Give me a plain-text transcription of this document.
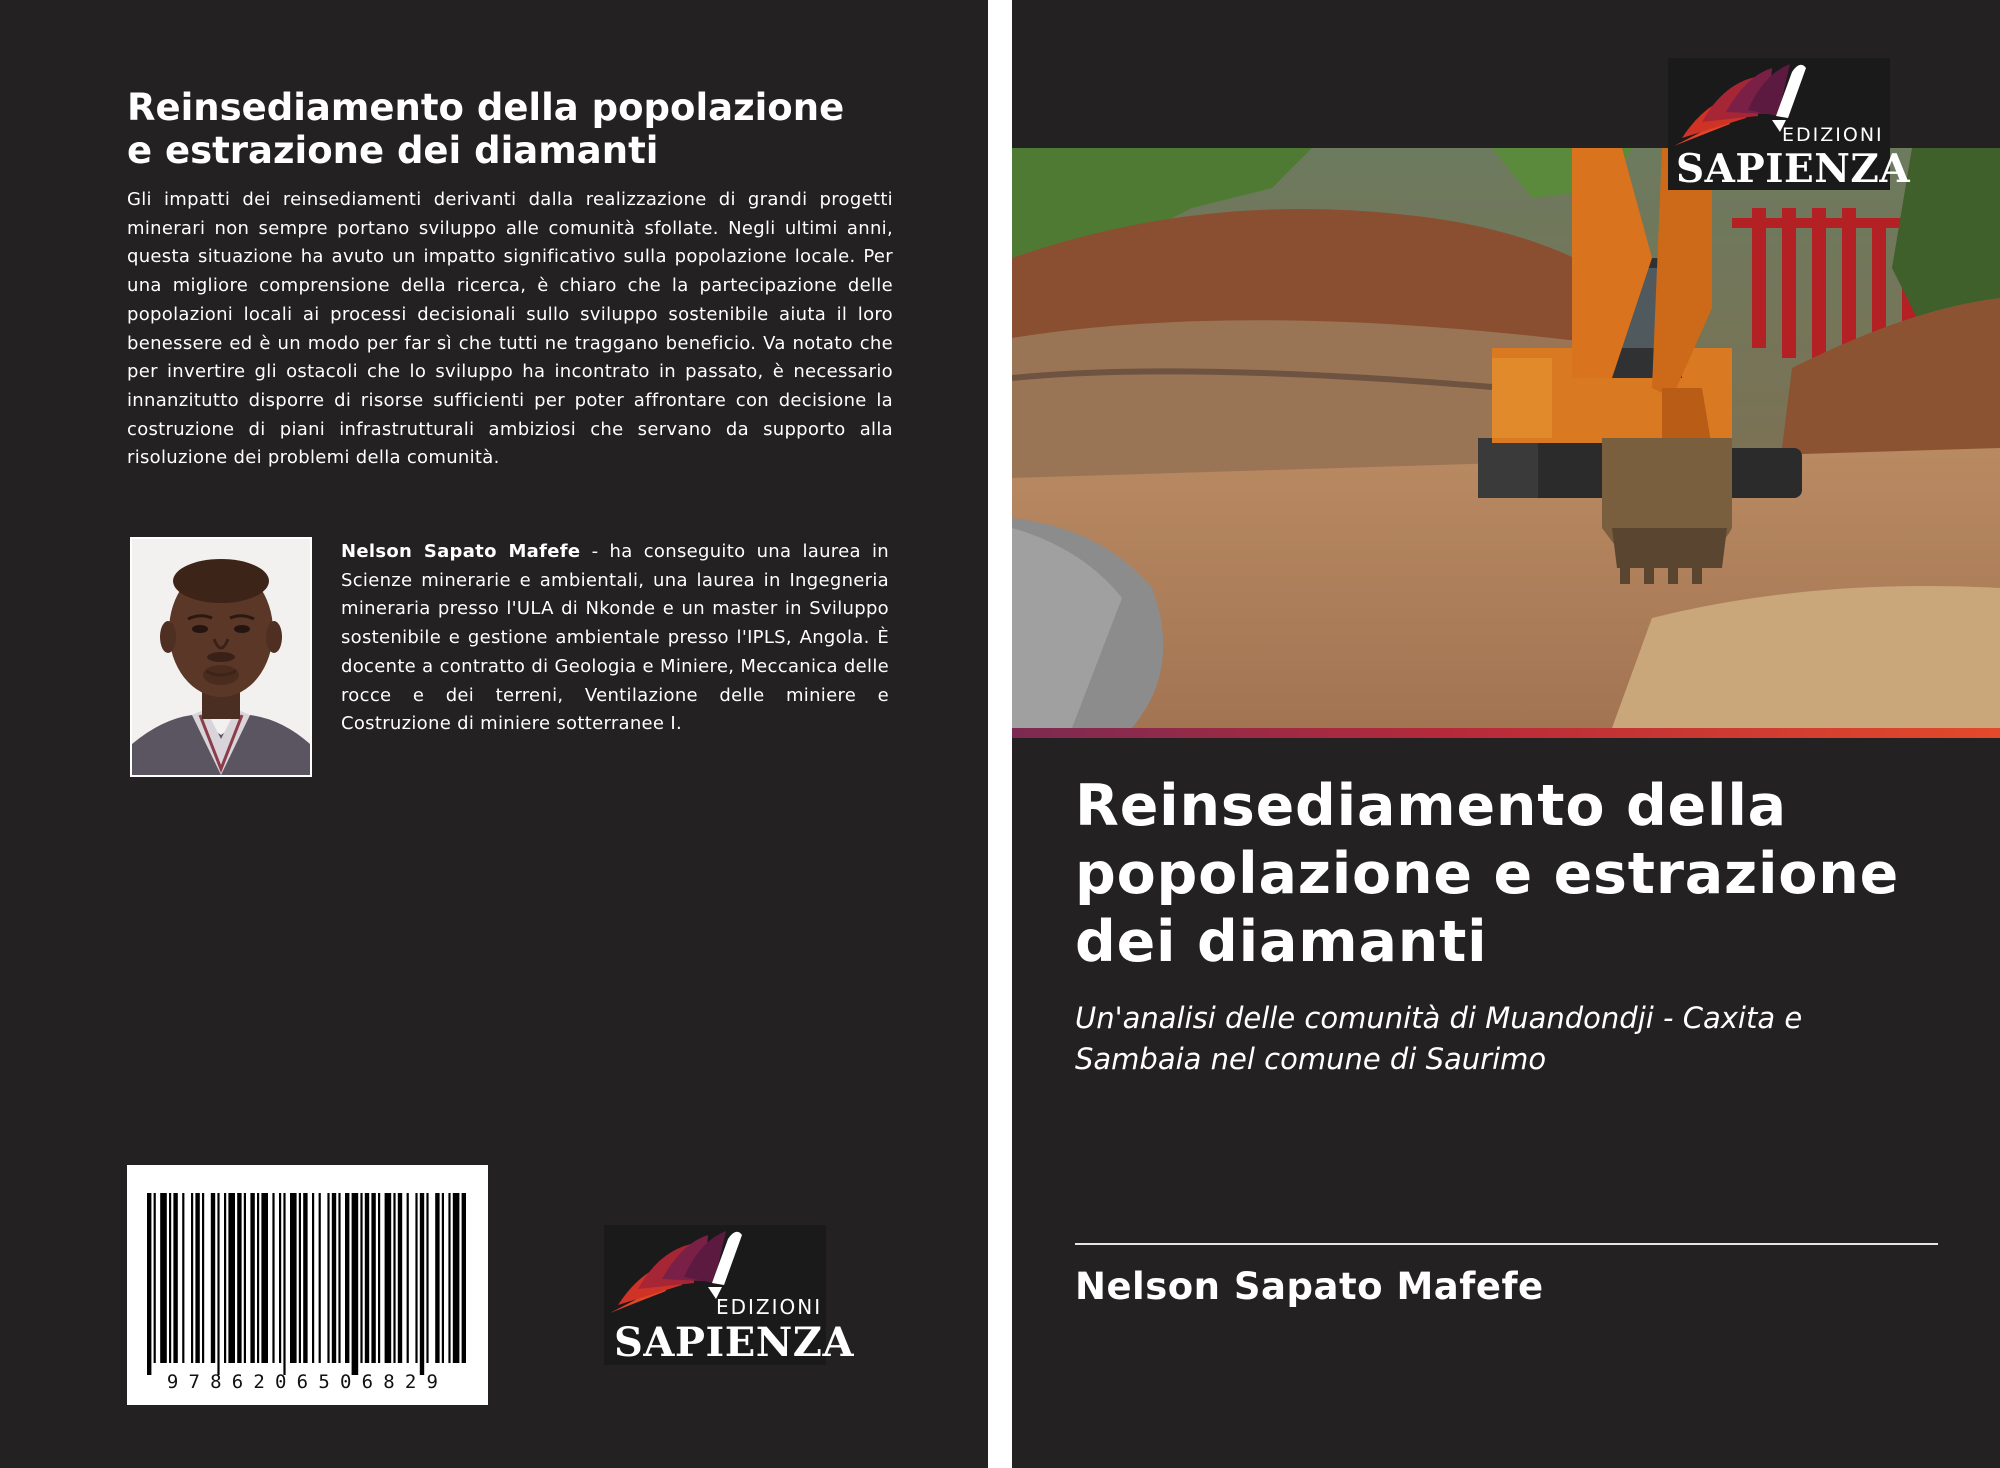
Reinsediamento della popolazione
e estrazione dei diamanti
Gli impatti dei reinsediamenti derivanti dalla realizzazione di grandi progetti minerari non sempre portano sviluppo alle comunità sfollate. Negli ultimi anni, questa situazione ha avuto un impatto significativo sulla popolazione locale. Per una migliore comprensione della ricerca, è chiaro che la partecipazione delle popolazioni locali ai processi decisionali sullo sviluppo sostenibile aiuta il loro benessere ed è un modo per far sì che tutti ne traggano beneficio. Va notato che per invertire gli ostacoli che lo sviluppo ha incontrato in passato, è necessario innanzitutto disporre di risorse sufficienti per poter affrontare con decisione la costruzione di piani infrastrutturali ambiziosi che servano da supporto alla risoluzione dei problemi della comunità.
Nelson Sapato Mafefe - ha conseguito una laurea in Scienze minerarie e ambientali, una laurea in Ingegneria mineraria presso l'ULA di Nkonde e un master in Sviluppo sostenibile e gestione ambientale presso l'IPLS, Angola. È docente a contratto di Geologia e Miniere, Meccanica delle rocce e dei terreni, Ventilazione delle miniere e Costruzione di miniere sotterranee I.
9786206506829
EDIZIONI
SAPIENZA
EDIZIONI
SAPIENZA
Reinsediamento della popolazione e estrazione dei diamanti
Un'analisi delle comunità di Muandondji - Caxita e Sambaia nel comune di Saurimo
Nelson Sapato Mafefe
